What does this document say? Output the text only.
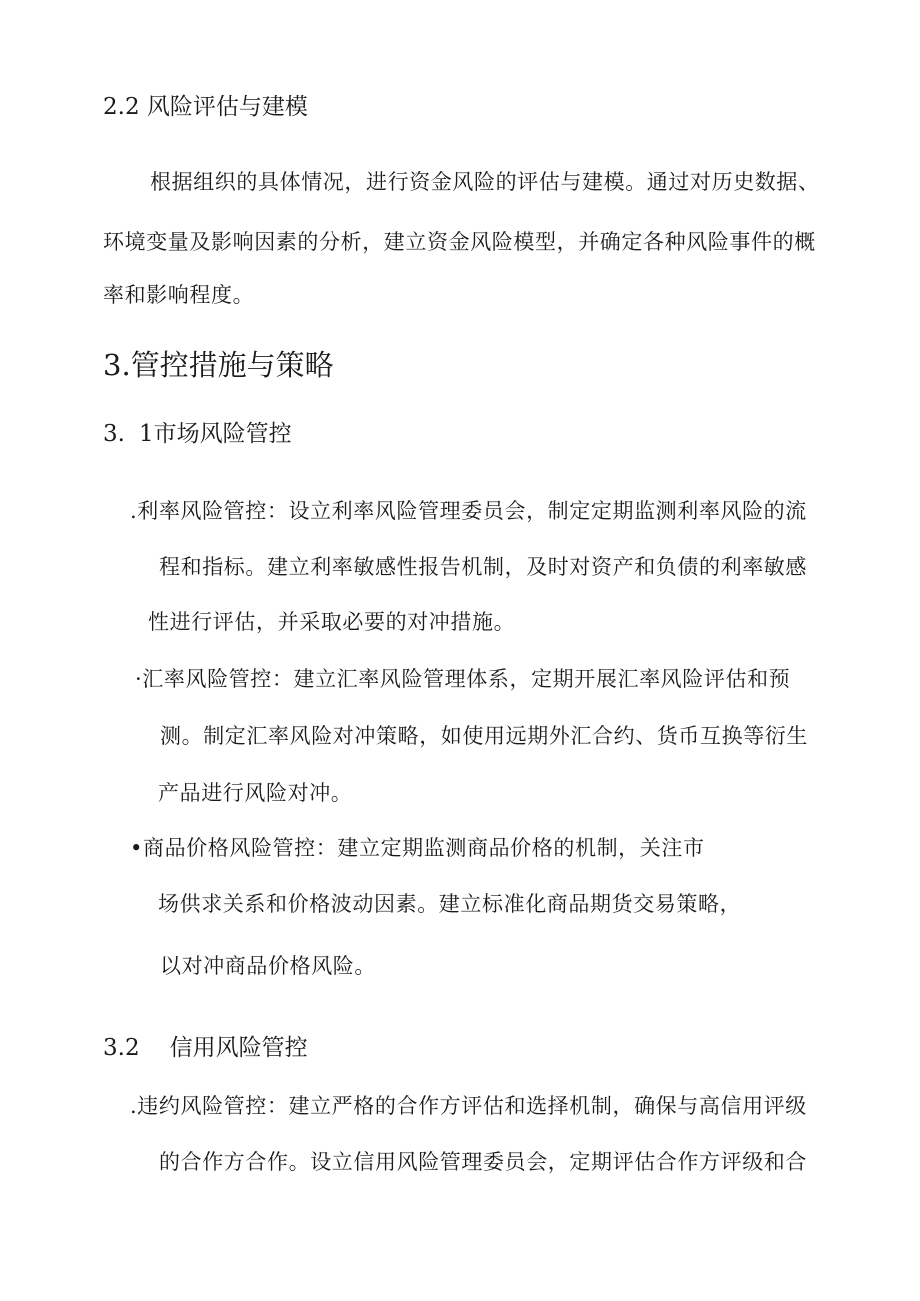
2.2 风险评估与建模

根据组织的具体情况，进行资金风险的评估与建模。通过对历史数据、

环境变量及影响因素的分析，建立资金风险模型，并确定各种风险事件的概

率和影响程度。

3.管控措施与策略
3. 1市场风险管控

.利率风险管控：设立利率风险管理委员会，制定定期监测利率风险的流

程和指标。建立利率敏感性报告机制，及时对资产和负债的利率敏感

性进行评估，并采取必要的对冲措施。

·汇率风险管控：建立汇率风险管理体系，定期开展汇率风险评估和预

测。制定汇率风险对冲策略，如使用远期外汇合约、货币互换等衍生

产品进行风险对冲。

•商品价格风险管控：建立定期监测商品价格的机制，关注市

场供求关系和价格波动因素。建立标准化商品期货交易策略，

以对冲商品价格风险。

3.2 信用风险管控

.违约风险管控：建立严格的合作方评估和选择机制，确保与高信用评级

的合作方合作。设立信用风险管理委员会，定期评估合作方评级和合
